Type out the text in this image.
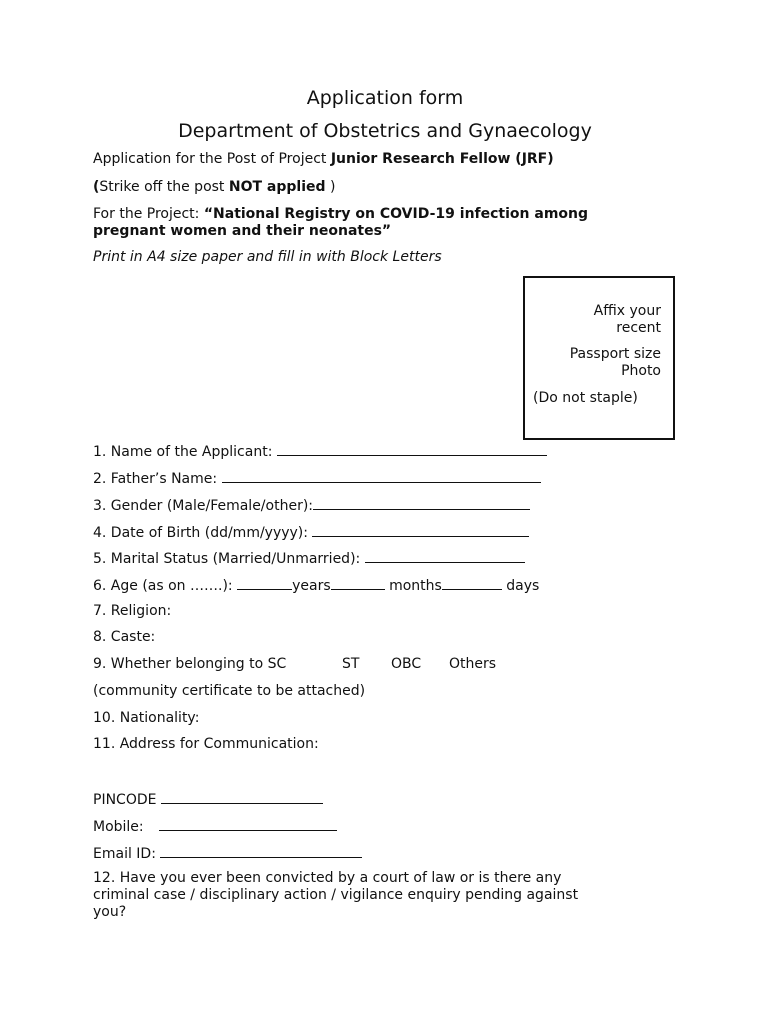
Application form
Department of Obstetrics and Gynaecology
Application for the Post of Project Junior Research Fellow (JRF)
(Strike off the post NOT applied )
For the Project: “National Registry on COVID-19 infection among
pregnant women and their neonates”
Print in A4 size paper and fill in with Block Letters
Affix your
recent
Passport size
Photo
(Do not staple)
1. Name of the Applicant:
2. Father’s Name:
3. Gender (Male/Female/other):
4. Date of Birth (dd/mm/yyyy):
5. Marital Status (Married/Unmarried):
6. Age (as on …….):	years	months	days
7. Religion:
8. Caste:
9. Whether belonging to SC	ST OBC Others
(community certificate to be attached)
10. Nationality:
11. Address for Communication:
PINCODE
Mobile:
Email ID:
12. Have you ever been convicted by a court of law or is there any
criminal case / disciplinary action / vigilance enquiry pending against
you?
